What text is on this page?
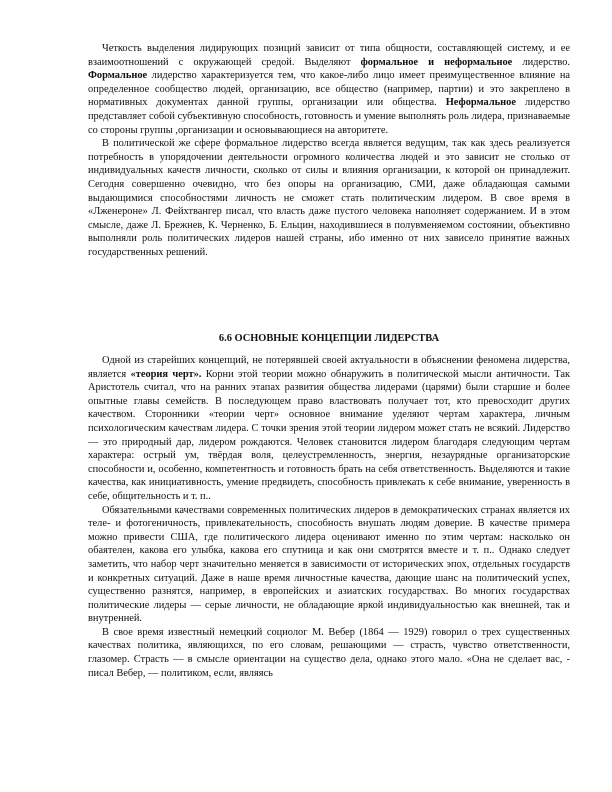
Четкость выделения лидирующих позиций зависит от типа общности, составляющей систему, и ее взаимоотношений с окружающей средой. Выделяют формальное и неформальное лидерство. Формальное лидерство характеризуется тем, что какое-либо лицо имеет преимущественное влияние на определенное сообщество людей, организацию, все общество (например, партии) и это закреплено в нормативных документах данной группы, организации или общества. Неформальное лидерство представляет собой субъективную способность, готовность и умение выполнять роль лидера, признаваемые со стороны группы ,организации и основывающиеся на авторитете.

В политической же сфере формальное лидерство всегда является ведущим, так как здесь реализуется потребность в упорядочении деятельности огромного количества людей и это зависит не столько от индивидуальных качеств личности, сколько от силы и влияния организации, к которой он принадлежит. Сегодня совершенно очевидно, что без опоры на организацию, СМИ, даже обладающая самыми выдающимися способностями личность не сможет стать политическим лидером. В свое время в «Лженероне» Л. Фейхтвангер писал, что власть даже пустого человека наполняет содержанием. И в этом смысле, даже Л. Брежнев, К. Черненко, Б. Ельцин, находившиеся в полувменяемом состоянии, объективно выполняли роль политических лидеров нашей страны, ибо именно от них зависело принятие важных государственных решений.

6.6 ОСНОВНЫЕ КОНЦЕПЦИИ ЛИДЕРСТВА

Одной из старейших концепций, не потерявшей своей актуальности в объяснении феномена лидерства, является «теория черт». Корни этой теории можно обнаружить в политической мысли античности. Так Аристотель считал, что на ранних этапах развития общества лидерами (царями) были старшие и более опытные главы семейств. В последующем право властвовать получает тот, кто превосходит других качеством. Сторонники «теории черт» основное внимание уделяют чертам характера, личным психологическим качествам лидера. С точки зрения этой теории лидером может стать не всякий. Лидерство — это природный дар, лидером рождаются. Человек становится лидером благодаря следующим чертам характера: острый ум, твёрдая воля, целеустремленность, энергия, незаурядные организаторские способности и, особенно, компетентность и готовность брать на себя ответственность. Выделяются и такие качества, как инициативность, умение предвидеть, способность привлекать к себе внимание, уверенность в себе, общительность и т. п..

Обязательными качествами современных политических лидеров в демократических странах является их теле- и фотогеничность, привлекательность, способность внушать людям доверие. В качестве примера можно привести США, где политического лидера оценивают именно по этим чертам: насколько он обаятелен, какова его улыбка, какова его спутница и как они смотрятся вместе и т. п.. Однако следует заметить, что набор черт значительно меняется в зависимости от исторических эпох, отдельных государств и конкретных ситуаций. Даже в наше время личностные качества, дающие шанс на политический успех, существенно разнятся, например, в европейских и азиатских государствах. Во многих государствах политические лидеры — серые личности, не обладающие яркой индивидуальностью как внешней, так и внутренней.

В свое время известный немецкий социолог М. Вебер (1864 — 1929) говорил о трех существенных качествах политика, являющихся, по его словам, решающими — страсть, чувство ответственности, глазомер. Страсть — в смысле ориентации на существо дела, однако этого мало. «Она не сделает вас, - писал Вебер, — политиком, если, являясь
